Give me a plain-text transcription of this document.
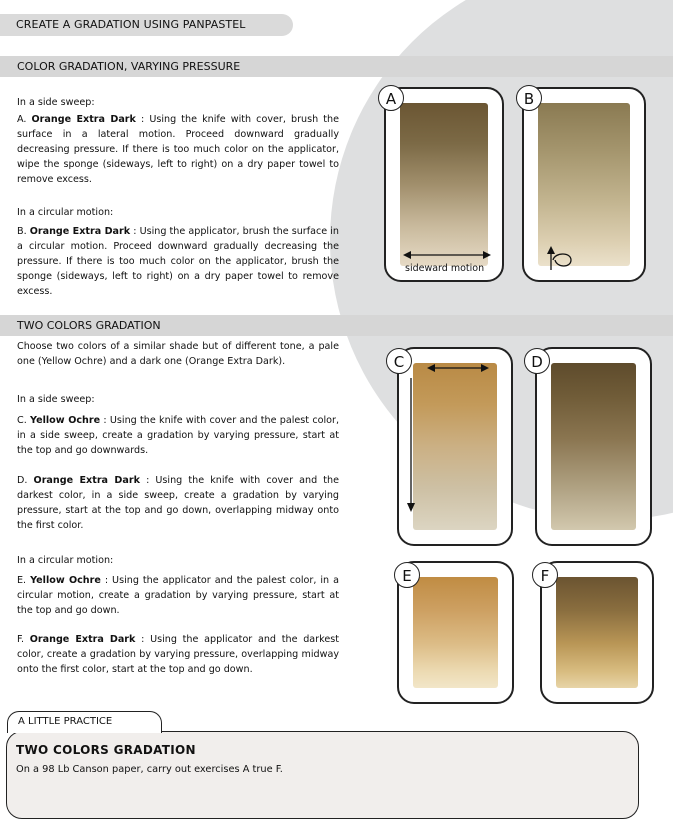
CREATE A GRADATION USING PANPASTEL
COLOR GRADATION, VARYING PRESSURE

In a side sweep:

A. Orange Extra Dark : Using the knife with cover, brush the surface in a lateral motion. Proceed downward gradually decreasing pressure. If there is too much color on the applicator, wipe the sponge (sideways, left to right) on a dry paper towel to remove excess.

In a circular motion:

B. Orange Extra Dark : Using the applicator, brush the surface in a circular motion. Proceed downward gradually decreasing the pressure. If there is too much color on the applicator, brush the sponge (sideways, left to right) on a dry paper towel to remove excess.

A
sideward motion
B
TWO COLORS GRADATION

Choose two colors of a similar shade but of different tone, a pale one (Yellow Ochre) and a dark one (Orange Extra Dark).

In a side sweep:

C. Yellow Ochre : Using the knife with cover and the palest color, in a side sweep, create a gradation by varying pressure, start at the top and go downwards.

D. Orange Extra Dark : Using the knife with cover and the darkest color, in a side sweep, create a gradation by varying pressure, start at the top and go down, overlapping midway onto the first color.

In a circular motion:

E. Yellow Ochre : Using the applicator and the palest color, in a circular motion, create a gradation by varying pressure, start at the top and go down.

F. Orange Extra Dark : Using the applicator and the darkest color, create a gradation by varying pressure, overlapping midway onto the first color, start at the top and go down.

C	D
E	F
A LITTLE PRACTICE
TWO COLORS GRADATION
On a 98 Lb Canson paper, carry out exercises A true F.
